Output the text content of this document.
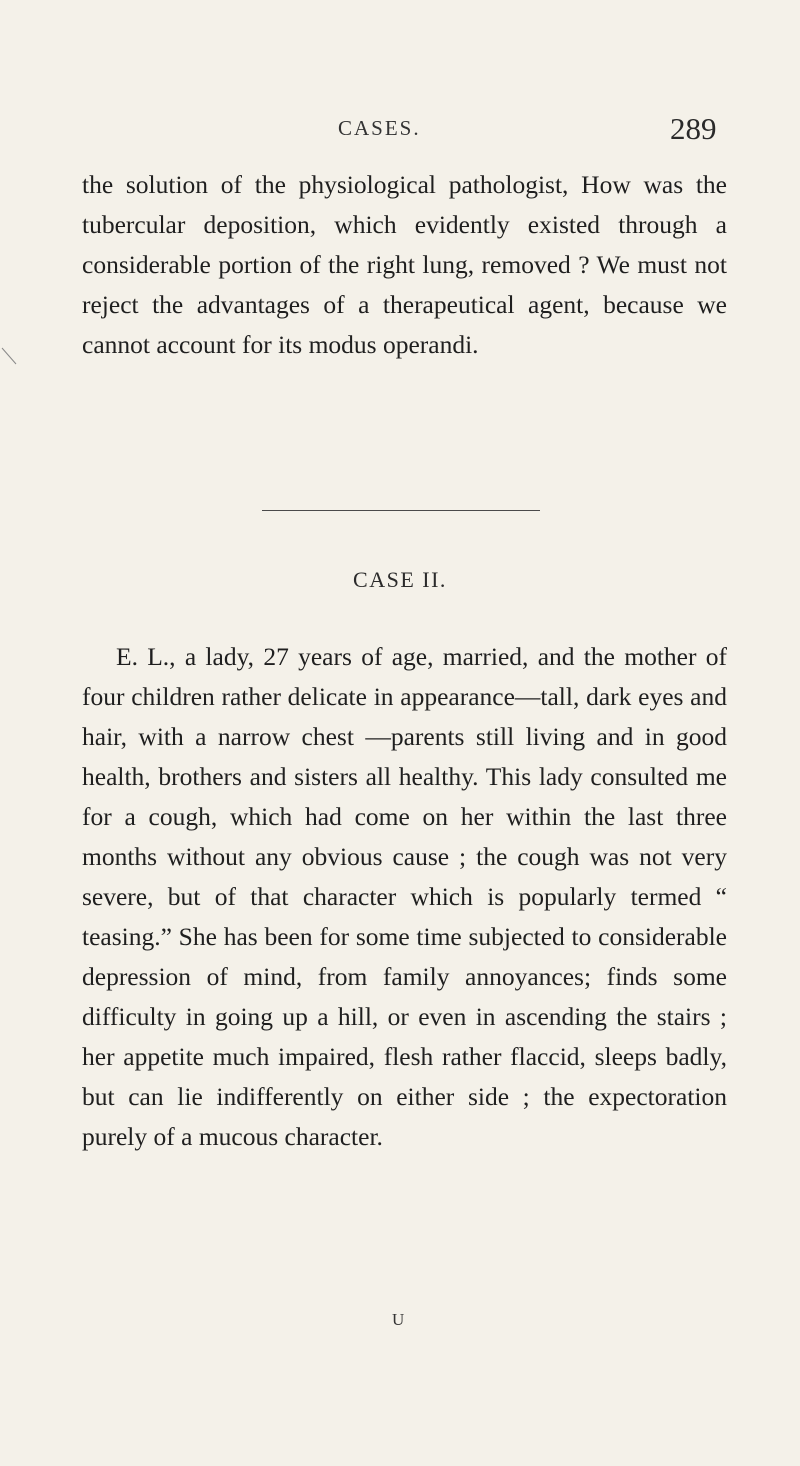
CASES.	289
the solution of the physiological pathologist, How was the tubercular deposition, which evidently existed through a considerable portion of the right lung, removed ? We must not reject the advantages of a therapeutical agent, because we cannot account for its modus operandi.
CASE II.
E. L., a lady, 27 years of age, married, and the mother of four children rather delicate in appearance—tall, dark eyes and hair, with a narrow chest —parents still living and in good health, brothers and sisters all healthy. This lady consulted me for a cough, which had come on her within the last three months without any obvious cause ; the cough was not very severe, but of that character which is popularly termed “ teasing.” She has been for some time subjected to considerable depression of mind, from family annoyances; finds some difficulty in going up a hill, or even in ascending the stairs ; her appetite much impaired, flesh rather flaccid, sleeps badly, but can lie indifferently on either side ; the expectoration purely of a mucous character.
U
